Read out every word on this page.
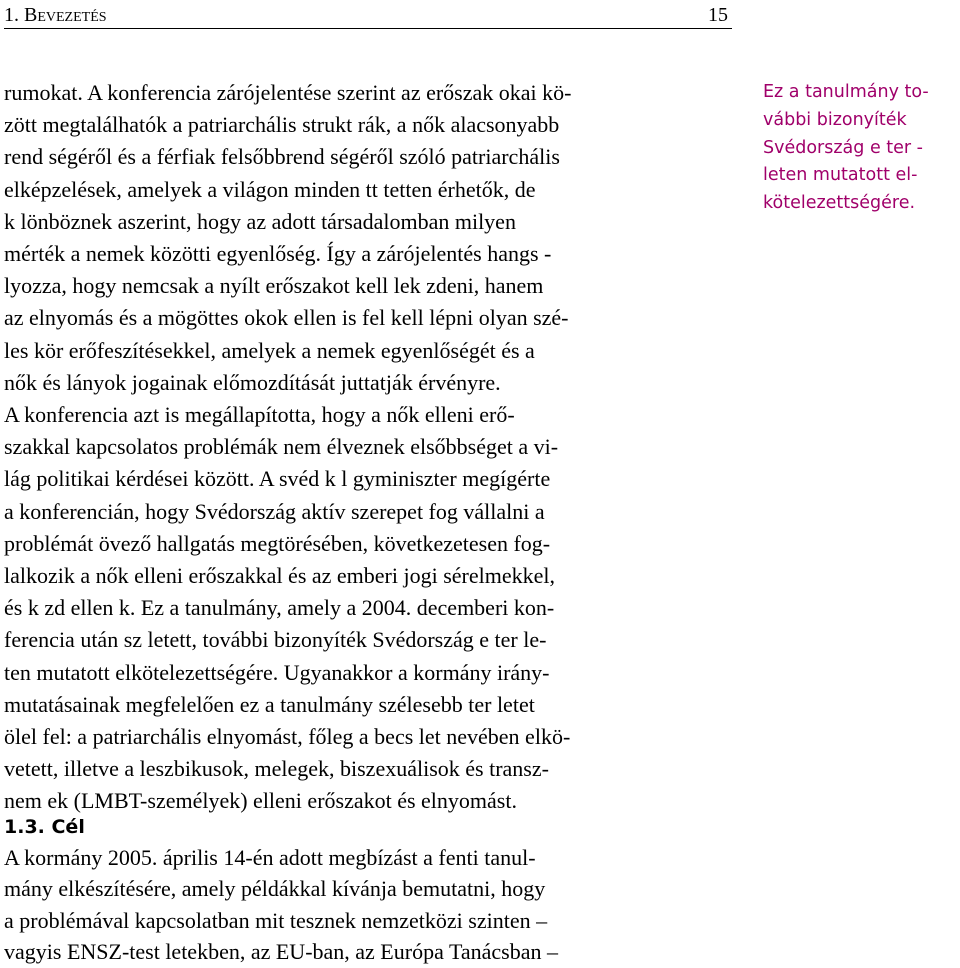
1. Bevezetés	15
rumokat. A konferencia zárójelentése szerint az erőszak okai kö-
zött megtalálhatók a patriarchális strukt rák, a nők alacsonyabb
rend ségéről és a férfiak felsőbbrend ségéről szóló patriarchális
elképzelések, amelyek a világon minden tt tetten érhetők, de
k lönböznek aszerint, hogy az adott társadalomban milyen
mérték a nemek közötti egyenlőség. Így a zárójelentés hangs -
lyozza, hogy nemcsak a nyílt erőszakot kell lek zdeni, hanem
az elnyomás és a mögöttes okok ellen is fel kell lépni olyan szé-
les kör erőfeszítésekkel, amelyek a nemek egyenlőségét és a
nők és lányok jogainak előmozdítását juttatják érvényre.
A konferencia azt is megállapította, hogy a nők elleni erő-
szakkal kapcsolatos problémák nem élveznek elsőbbséget a vi-
lág politikai kérdései között. A svéd k l gyminiszter megígérte
a konferencián, hogy Svédország aktív szerepet fog vállalni a
problémát övező hallgatás megtörésében, következetesen fog-
lalkozik a nők elleni erőszakkal és az emberi jogi sérelmekkel,
és k zd ellen k. Ez a tanulmány, amely a 2004. decemberi kon-
ferencia után sz letett, további bizonyíték Svédország e ter le-
ten mutatott elkötelezettségére. Ugyanakkor a kormány irány-
mutatásainak megfelelően ez a tanulmány szélesebb ter letet
ölel fel: a patriarchális elnyomást, főleg a becs let nevében elkö-
vetett, illetve a leszbikusok, melegek, biszexuálisok és transz-
nem ek (LMBT-személyek) elleni erőszakot és elnyomást.
Ez a tanulmány to-
vábbi bizonyíték
Svédország e ter -
leten mutatott el-
kötelezettségére.
1.3. Cél
A kormány 2005. április 14-én adott megbízást a fenti tanul-
mány elkészítésére, amely példákkal kívánja bemutatni, hogy
a problémával kapcsolatban mit tesznek nemzetközi szinten –
vagyis ENSZ-test letekben, az EU-ban, az Európa Tanácsban –
